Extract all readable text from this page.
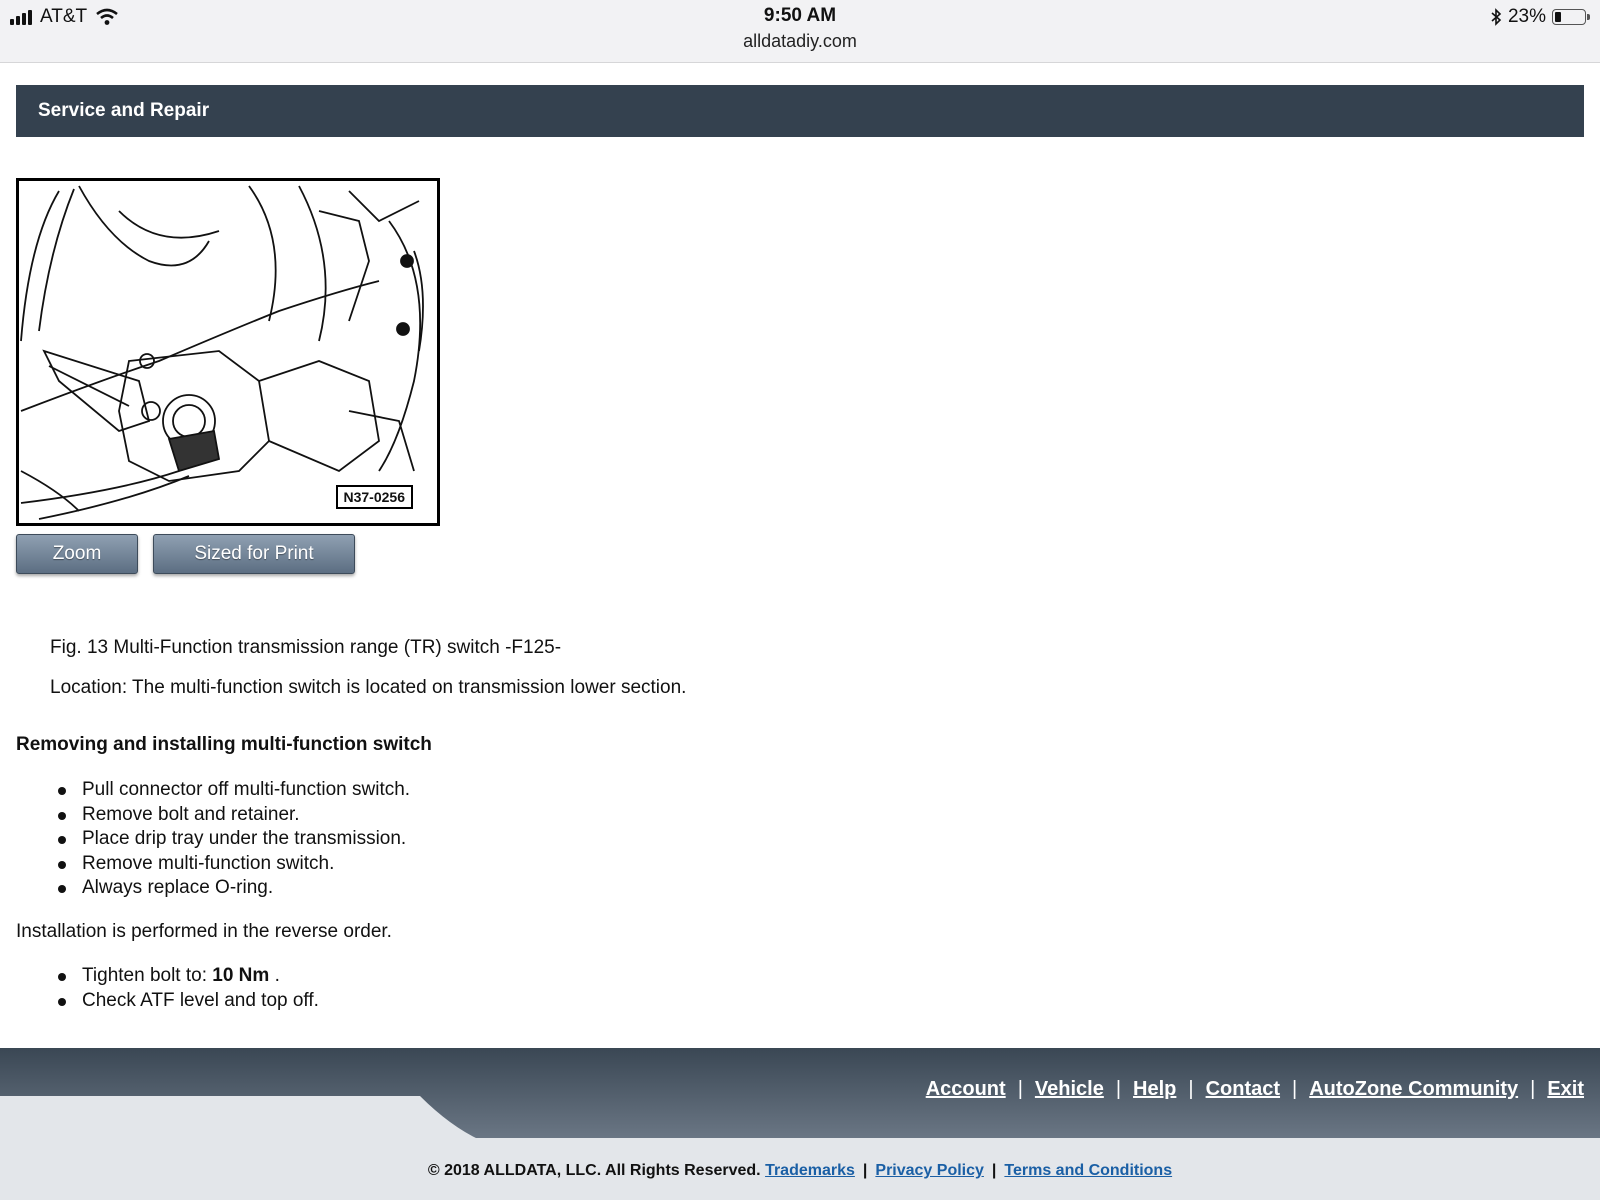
AT&T	9:50 AM
alldatadiy.com
23%
Service and Repair
N37-0256
Zoom	Sized for Print
Fig. 13 Multi-Function transmission range (TR) switch -F125-
Location: The multi-function switch is located on transmission lower section.
Removing and installing multi-function switch
Pull connector off multi-function switch.
Remove bolt and retainer.
Place drip tray under the transmission.
Remove multi-function switch.
Always replace O-ring.
Installation is performed in the reverse order.
Tighten bolt to: 10 Nm .
Check ATF level and top off.
Account | Vehicle | Help | Contact | AutoZone Community | Exit
© 2018 ALLDATA, LLC. All Rights Reserved. Trademarks | Privacy Policy | Terms and Conditions
